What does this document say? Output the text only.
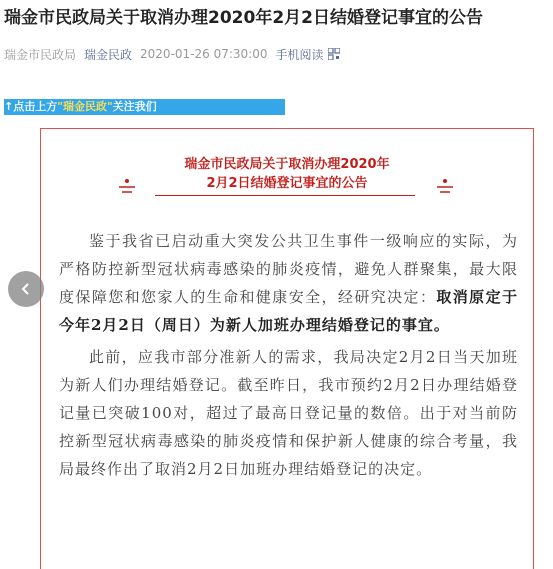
瑞金市民政局关于取消办理2020年2月2日结婚登记事宜的公告
瑞金市民政局 瑞金民政 2020-01-26 07:30:00 手机阅读
↑点击上方"瑞金民政"关注我们
瑞金市民政局关于取消办理2020年
2月2日结婚登记事宜的公告

鉴于我省已启动重大突发公共卫生事件一级响应的实际，为严格防控新型冠状病毒感染的肺炎疫情，避免人群聚集，最大限度保障您和您家人的生命和健康安全，经研究决定：取消原定于今年2月2日（周日）为新人加班办理结婚登记的事宜。

此前，应我市部分准新人的需求，我局决定2月2日当天加班为新人们办理结婚登记。截至昨日，我市预约2月2日办理结婚登记量已突破100对，超过了最高日登记量的数倍。出于对当前防控新型冠状病毒感染的肺炎疫情和保护新人健康的综合考量，我局最终作出了取消2月2日加班办理结婚登记的决定。
